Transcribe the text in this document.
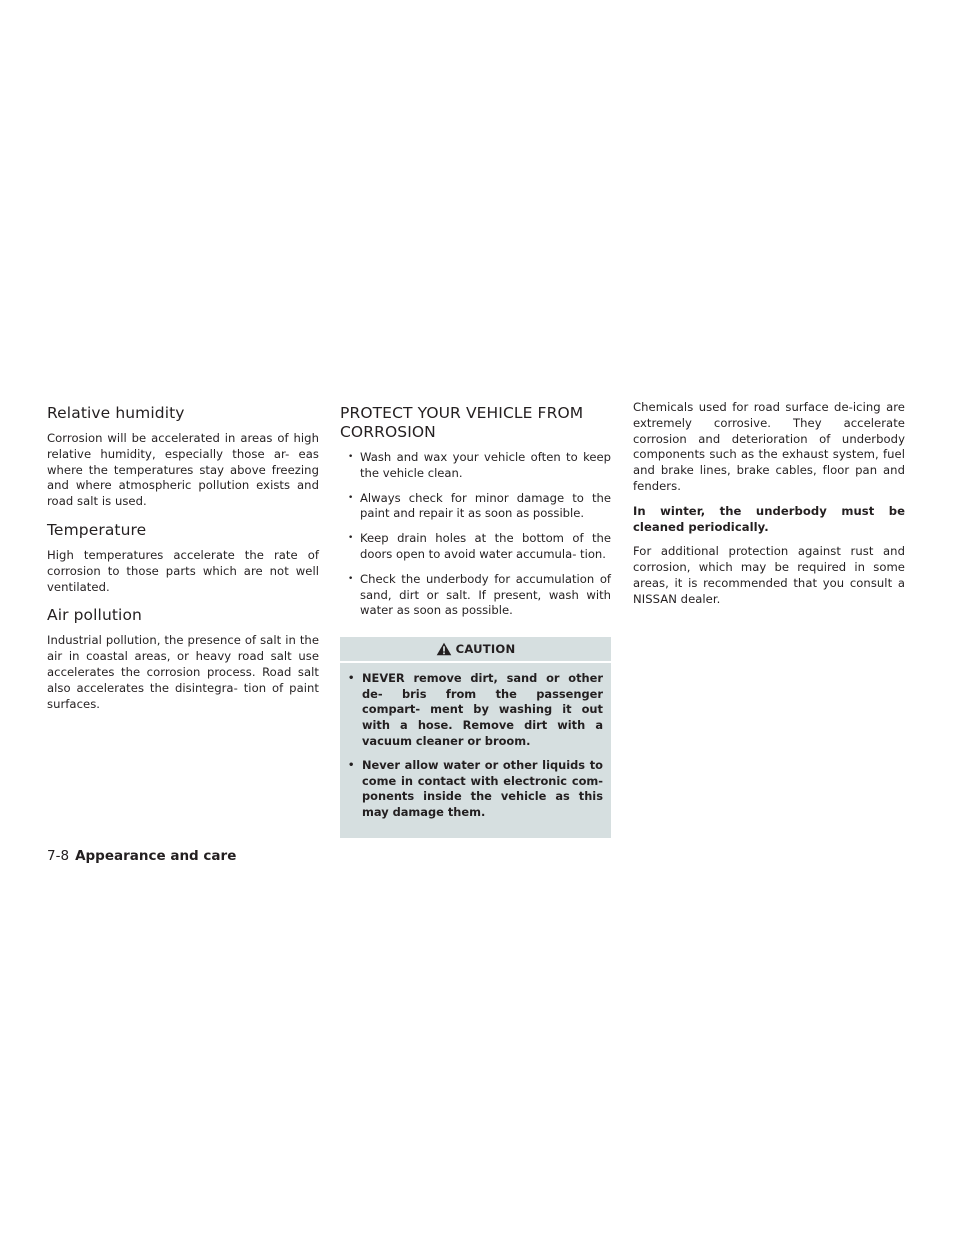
Relative humidity

Corrosion will be accelerated in areas of high relative humidity, especially those ar- eas where the temperatures stay above freezing and where atmospheric pollution exists and road salt is used.

Temperature

High temperatures accelerate the rate of corrosion to those parts which are not well ventilated.

Air pollution

Industrial pollution, the presence of salt in the air in coastal areas, or heavy road salt use accelerates the corrosion process. Road salt also accelerates the disintegra- tion of paint surfaces.

PROTECT YOUR VEHICLE FROM CORROSION
• Wash and wax your vehicle often to keep the vehicle clean.
• Always check for minor damage to the paint and repair it as soon as possible.
• Keep drain holes at the bottom of the doors open to avoid water accumula- tion.
• Check the underbody for accumulation of sand, dirt or salt. If present, wash with water as soon as possible.
CAUTION
• NEVER remove dirt, sand or other de- bris from the passenger compart- ment by washing it out with a hose. Remove dirt with a vacuum cleaner or broom.
• Never allow water or other liquids to come in contact with electronic com- ponents inside the vehicle as this may damage them.

Chemicals used for road surface de-icing are extremely corrosive. They accelerate corrosion and deterioration of underbody components such as the exhaust system, fuel and brake lines, brake cables, floor pan and fenders.

In winter, the underbody must be cleaned periodically.

For additional protection against rust and corrosion, which may be required in some areas, it is recommended that you consult a NISSAN dealer.

7-8 Appearance and care
